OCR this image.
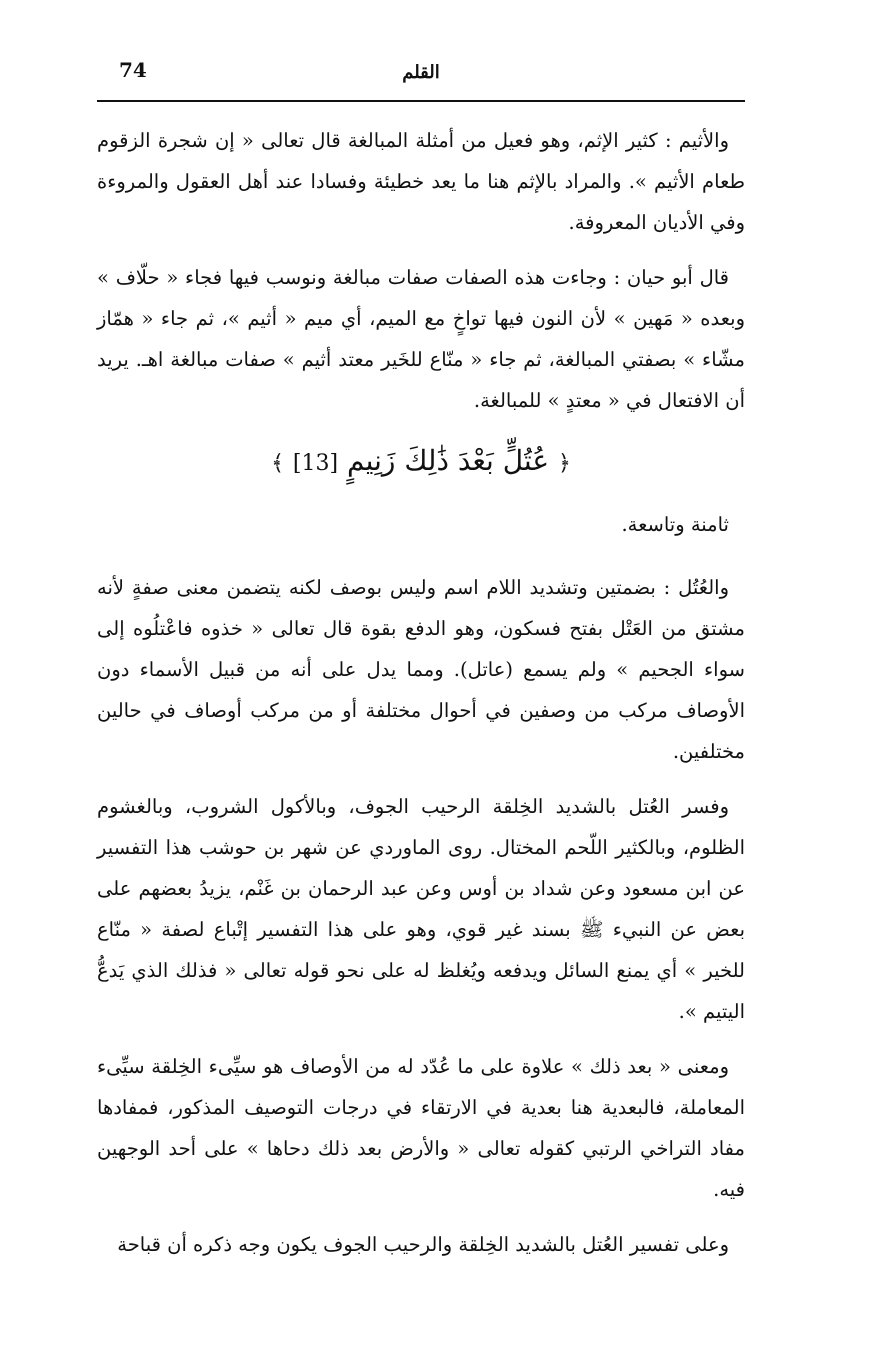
74	القلم

والأثيم : كثير الإثم، وهو فعيل من أمثلة المبالغة قال تعالى « إن شجرة الزقوم طعام الأثيم ». والمراد بالإثم هنا ما يعد خطيئة وفسادا عند أهل العقول والمروءة وفي الأديان المعروفة.

قال أبو حيان : وجاءت هذه الصفات صفات مبالغة ونوسب فيها فجاء « حلّاف » وبعده « مَهين » لأن النون فيها تواخٍ مع الميم، أي ميم « أثيم »، ثم جاء « همّاز مشّاء » بصفتي المبالغة، ثم جاء « منّاع للخَير معتد أثيم » صفات مبالغة اهـ. يريد أن الافتعال في « معتدٍ » للمبالغة.

﴿ عُتُلٍّ بَعْدَ ذَٰلِكَ زَنِيمٍ [13] ﴾

ثامنة وتاسعة.

والعُتُل : بضمتين وتشديد اللام اسم وليس بوصف لكنه يتضمن معنى صفةٍ لأنه مشتق من العَتْل بفتح فسكون، وهو الدفع بقوة قال تعالى « خذوه فاعْتلُوه إلى سواء الجحيم » ولم يسمع (عاتل). ومما يدل على أنه من قبيل الأسماء دون الأوصاف مركب من وصفين في أحوال مختلفة أو من مركب أوصاف في حالين مختلفين.

وفسر العُتل بالشديد الخِلقة الرحيب الجوف، وبالأكول الشروب، وبالغشوم الظلوم، وبالكثير اللّحم المختال. روى الماوردي عن شهر بن حوشب هذا التفسير عن ابن مسعود وعن شداد بن أوس وعن عبد الرحمان بن غَنْم، يزيدُ بعضهم على بعض عن النبيء ﷺ بسند غير قوي، وهو على هذا التفسير إتْباع لصفة « منّاع للخير » أي يمنع السائل ويدفعه ويُغلظ له على نحو قوله تعالى « فذلك الذي يَدعُّ اليتيم ».

ومعنى « بعد ذلك » علاوة على ما عُدّد له من الأوصاف هو سيِّىء الخِلقة سيِّىء المعاملة، فالبعدية هنا بعدية في الارتقاء في درجات التوصيف المذكور، فمفادها مفاد التراخي الرتبي كقوله تعالى « والأرض بعد ذلك دحاها » على أحد الوجهين فيه.

وعلى تفسير العُتل بالشديد الخِلقة والرحيب الجوف يكون وجه ذكره أن قباحة
